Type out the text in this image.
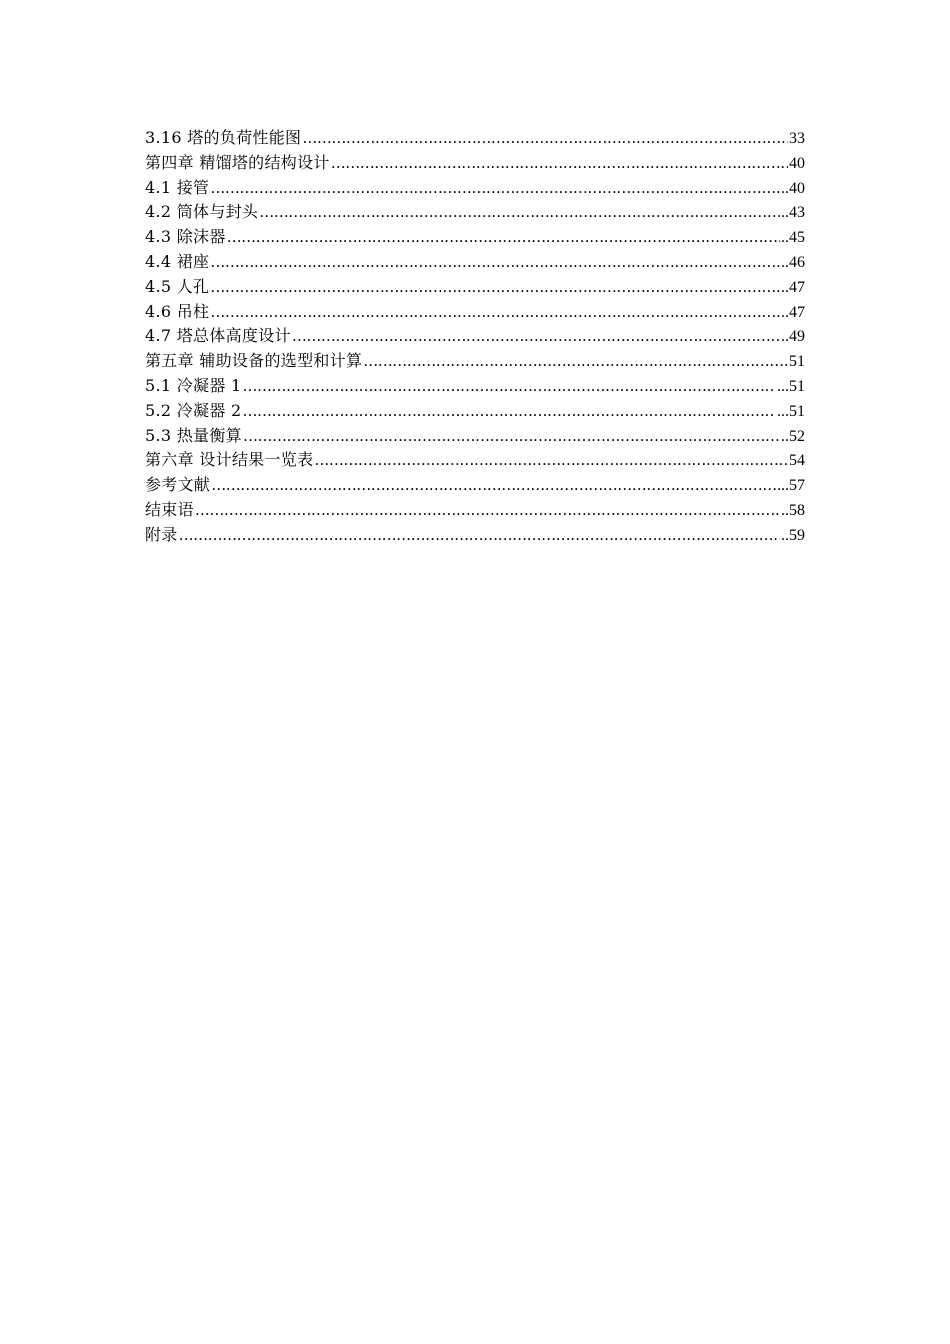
3.16 塔的负荷性能图 …………………………………………………………………………………………………………………………………………………………………………………………………………………………	33
第四章 精馏塔的结构设计 …………………………………………………………………………………………………………………………………………………………………………………………………………………………	40
4.1 接管 …………………………………………………………………………………………………………………………………………………………………………………………………………………………	..40
4.2 筒体与封头 …………………………………………………………………………………………………………………………………………………………………………………………………………………………	..43
4.3 除沫器 …………………………………………………………………………………………………………………………………………………………………………………………………………………………	..45
4.4 裙座 …………………………………………………………………………………………………………………………………………………………………………………………………………………………	..46
4.5 人孔 …………………………………………………………………………………………………………………………………………………………………………………………………………………………	..47
4.6 吊柱 …………………………………………………………………………………………………………………………………………………………………………………………………………………………	..47
4.7 塔总体高度设计 …………………………………………………………………………………………………………………………………………………………………………………………………………………………	..49
第五章 辅助设备的选型和计算 …………………………………………………………………………………………………………………………………………………………………………………………………………………………	51
5.1 冷凝器 1 …………………………………………………………………………………………………………………………………………………………………………………………………………………………	...51
5.2 冷凝器 2 …………………………………………………………………………………………………………………………………………………………………………………………………………………………	...51
5.3 热量衡算 …………………………………………………………………………………………………………………………………………………………………………………………………………………………	..52
第六章 设计结果一览表 …………………………………………………………………………………………………………………………………………………………………………………………………………………………	54
参考文献 …………………………………………………………………………………………………………………………………………………………………………………………………………………………	..57
结束语 …………………………………………………………………………………………………………………………………………………………………………………………………………………………	..58
附录 …………………………………………………………………………………………………………………………………………………………………………………………………………………………	..59
